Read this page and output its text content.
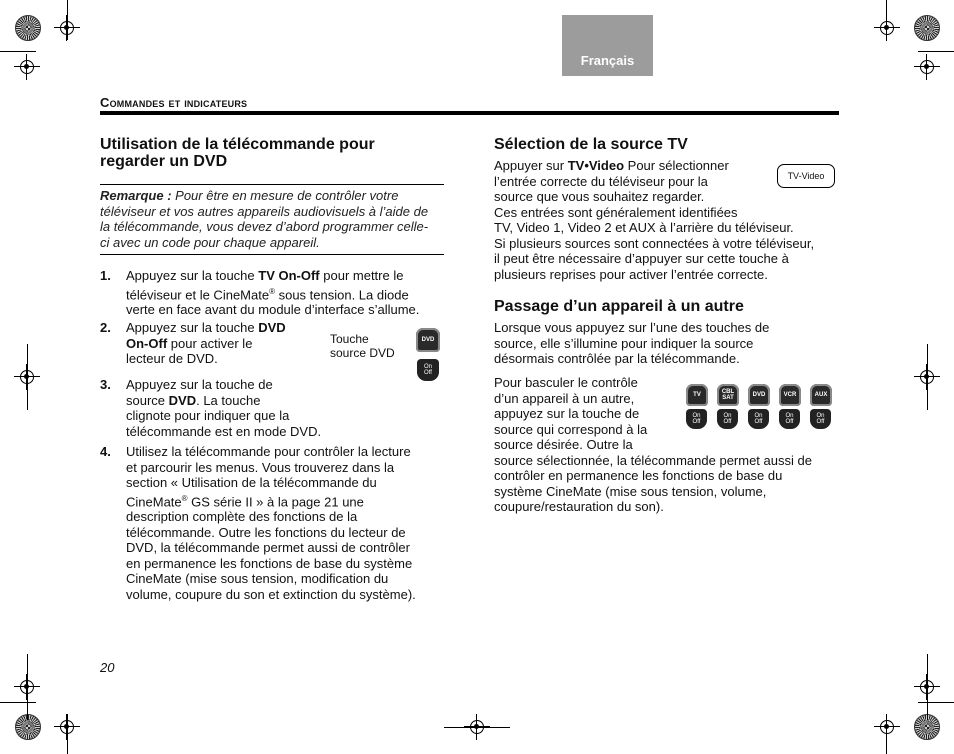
Français
Commandes et indicateurs
Utilisation de la télécommande pour
regarder un DVD

Remarque : Pour être en mesure de contrôler votre
téléviseur et vos autres appareils audiovisuels à l’aide de
la télécommande, vous devez d’abord programmer celle-
ci avec un code pour chaque appareil.

1. Appuyez sur la touche TV On-Off pour mettre le
téléviseur et le CineMate® sous tension. La diode
verte en face avant du module d’interface s’allume.

2. Appuyez sur la touche DVD
On-Off pour activer le
lecteur de DVD.

Touche
source DVD

DVD
On
Off
3. Appuyez sur la touche de
source DVD. La touche
clignote pour indiquer que la
télécommande est en mode DVD.

4. Utilisez la télécommande pour contrôler la lecture
et parcourir les menus. Vous trouverez dans la
section « Utilisation de la télécommande du
CineMate® GS série II » à la page 21 une
description complète des fonctions de la
télécommande. Outre les fonctions du lecteur de
DVD, la télécommande permet aussi de contrôler
en permanence les fonctions de base du système
CineMate (mise sous tension, modification du
volume, coupure du son et extinction du système).

Sélection de la source TV

Appuyer sur TV•Video Pour sélectionner
l’entrée correcte du téléviseur pour la
source que vous souhaitez regarder.
Ces entrées sont généralement identifiées
TV, Video 1, Video 2 et AUX à l’arrière du téléviseur.
Si plusieurs sources sont connectées à votre téléviseur,
il peut être nécessaire d’appuyer sur cette touche à
plusieurs reprises pour activer l’entrée correcte.

TV-Video
Passage d’un appareil à un autre

Lorsque vous appuyez sur l’une des touches de
source, elle s’illumine pour indiquer la source
désormais contrôlée par la télécommande.

Pour basculer le contrôle
d’un appareil à un autre,
appuyez sur la touche de
source qui correspond à la
source désirée. Outre la
source sélectionnée, la télécommande permet aussi de
contrôler en permanence les fonctions de base du
système CineMate (mise sous tension, volume,
coupure/restauration du son).

TV	CBL SAT	DVD	VCR	AUX
On
Off
On
Off
On
Off
On
Off
On
Off
20
